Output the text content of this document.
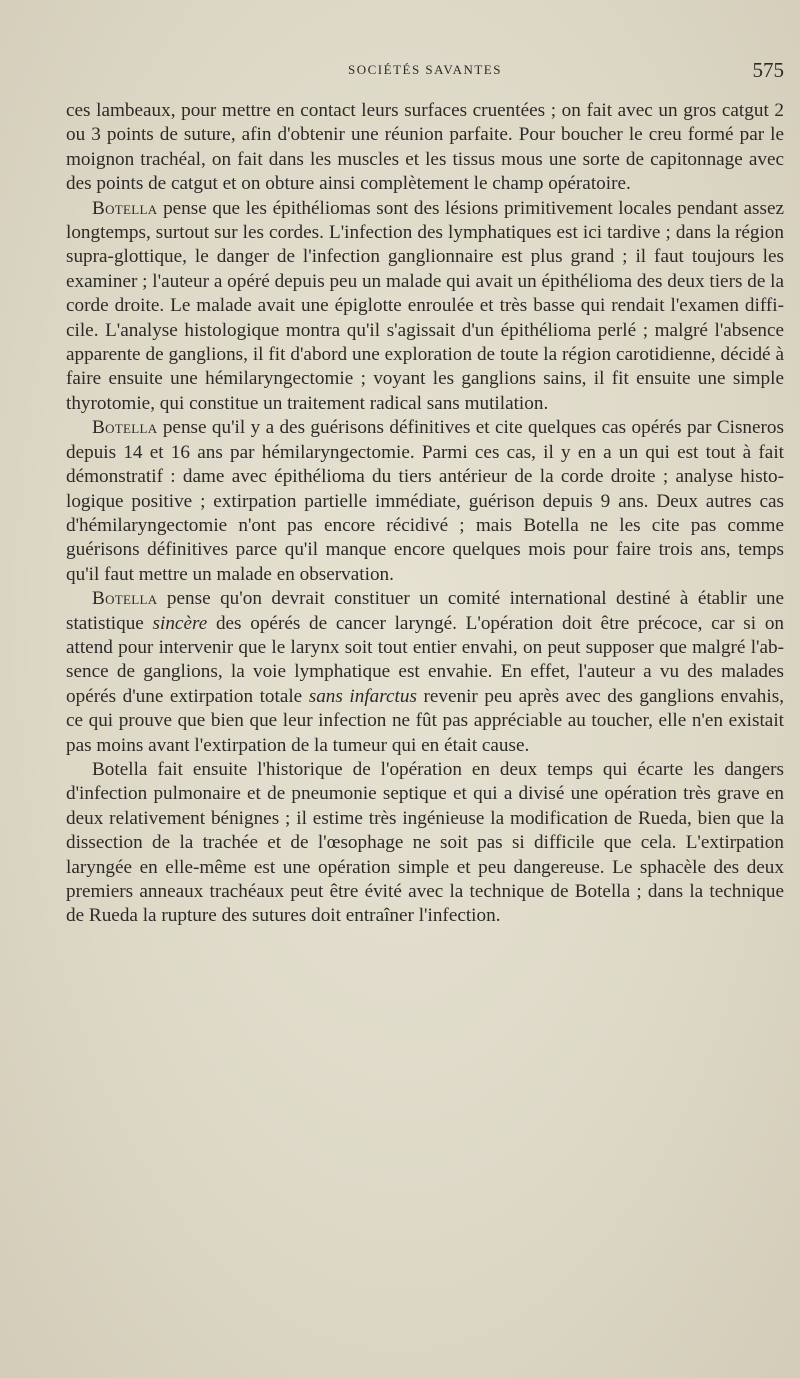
SOCIÉTÉS SAVANTES	575

ces lambeaux, pour mettre en contact leurs surfaces cruentées ; on fait avec un gros catgut 2 ou 3 points de suture, afin d'obtenir une réunion parfaite. Pour boucher le creu formé par le moignon trachéal, on fait dans les muscles et les tissus mous une sorte de capitonnage avec des points de catgut et on obture ainsi complètement le champ opératoire.

Botella pense que les épithéliomas sont des lésions primitivement locales pendant assez longtemps, surtout sur les cordes. L'infection des lymphatiques est ici tardive ; dans la région supra-glottique, le danger de l'infection ganglionnaire est plus grand ; il faut toujours les examiner ; l'auteur a opéré depuis peu un malade qui avait un épithélioma des deux tiers de la corde droite. Le malade avait une épiglotte enroulée et très basse qui rendait l'examen difficile. L'analyse histologique montra qu'il s'agissait d'un épithélioma perlé ; malgré l'absence apparente de ganglions, il fit d'abord une exploration de toute la région carotidienne, décidé à faire ensuite une hémilaryngectomie ; voyant les ganglions sains, il fit ensuite une simple thyrotomie, qui constitue un traitement radical sans mutilation.

Botella pense qu'il y a des guérisons définitives et cite quelques cas opérés par Cisneros depuis 14 et 16 ans par hémilaryngectomie. Parmi ces cas, il y en a un qui est tout à fait démonstratif : dame avec épithélioma du tiers antérieur de la corde droite ; analyse histologique positive ; extirpation partielle immédiate, guérison depuis 9 ans. Deux autres cas d'hémilaryngectomie n'ont pas encore récidivé ; mais Botella ne les cite pas comme guérisons définitives parce qu'il manque encore quelques mois pour faire trois ans, temps qu'il faut mettre un malade en observation.

Botella pense qu'on devrait constituer un comité international destiné à établir une statistique sincère des opérés de cancer laryngé. L'opération doit être précoce, car si on attend pour intervenir que le larynx soit tout entier envahi, on peut supposer que malgré l'absence de ganglions, la voie lymphatique est envahie. En effet, l'auteur a vu des malades opérés d'une extirpation totale sans infarctus revenir peu après avec des ganglions envahis, ce qui prouve que bien que leur infection ne fût pas appréciable au toucher, elle n'en existait pas moins avant l'extirpation de la tumeur qui en était cause.

Botella fait ensuite l'historique de l'opération en deux temps qui écarte les dangers d'infection pulmonaire et de pneumonie septique et qui a divisé une opération très grave en deux relativement bénignes ; il estime très ingénieuse la modification de Rueda, bien que la dissection de la trachée et de l'œsophage ne soit pas si difficile que cela. L'extirpation laryngée en elle-même est une opération simple et peu dangereuse. Le sphacèle des deux premiers anneaux trachéaux peut être évité avec la technique de Botella ; dans la technique de Rueda la rupture des sutures doit entraîner l'infection.
